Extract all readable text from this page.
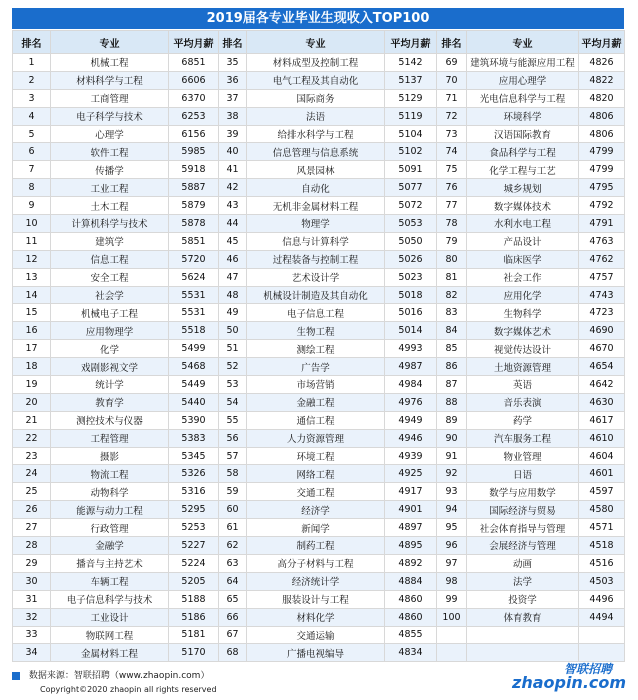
2019届各专业毕业生现收入TOP100
排名	专业	平均月薪	排名	专业	平均月薪	排名	专业	平均月薪
1	机械工程	6851	35	材料成型及控制工程	5142	69	建筑环境与能源应用工程	4826
2	材料科学与工程	6606	36	电气工程及其自动化	5137	70	应用心理学	4822
3	工商管理	6370	37	国际商务	5129	71	光电信息科学与工程	4820
4	电子科学与技术	6253	38	法语	5119	72	环境科学	4806
5	心理学	6156	39	给排水科学与工程	5104	73	汉语国际教育	4806
6	软件工程	5985	40	信息管理与信息系统	5102	74	食品科学与工程	4799
7	传播学	5918	41	风景园林	5091	75	化学工程与工艺	4799
8	工业工程	5887	42	自动化	5077	76	城乡规划	4795
9	土木工程	5879	43	无机非金属材料工程	5072	77	数字媒体技术	4792
10	计算机科学与技术	5878	44	物理学	5053	78	水利水电工程	4791
11	建筑学	5851	45	信息与计算科学	5050	79	产品设计	4763
12	信息工程	5720	46	过程装备与控制工程	5026	80	临床医学	4762
13	安全工程	5624	47	艺术设计学	5023	81	社会工作	4757
14	社会学	5531	48	机械设计制造及其自动化	5018	82	应用化学	4743
15	机械电子工程	5531	49	电子信息工程	5016	83	生物科学	4723
16	应用物理学	5518	50	生物工程	5014	84	数字媒体艺术	4690
17	化学	5499	51	测绘工程	4993	85	视觉传达设计	4670
18	戏剧影视文学	5468	52	广告学	4987	86	土地资源管理	4654
19	统计学	5449	53	市场营销	4984	87	英语	4642
20	教育学	5440	54	金融工程	4976	88	音乐表演	4630
21	测控技术与仪器	5390	55	通信工程	4949	89	药学	4617
22	工程管理	5383	56	人力资源管理	4946	90	汽车服务工程	4610
23	摄影	5345	57	环境工程	4939	91	物业管理	4604
24	物流工程	5326	58	网络工程	4925	92	日语	4601
25	动物科学	5316	59	交通工程	4917	93	数学与应用数学	4597
26	能源与动力工程	5295	60	经济学	4901	94	国际经济与贸易	4580
27	行政管理	5253	61	新闻学	4897	95	社会体育指导与管理	4571
28	金融学	5227	62	制药工程	4895	96	会展经济与管理	4518
29	播音与主持艺术	5224	63	高分子材料与工程	4892	97	动画	4516
30	车辆工程	5205	64	经济统计学	4884	98	法学	4503
31	电子信息科学与技术	5188	65	服装设计与工程	4860	99	投资学	4496
32	工业设计	5186	66	材料化学	4860	100	体育教育	4494
33	物联网工程	5181	67	交通运输	4855			
34	金属材料工程	5170	68	广播电视编导	4834			
数据来源：智联招聘（www.zhaopin.com）
Copyright©2020 zhaopin all rights reserved
智联招聘
zhaopin.com
